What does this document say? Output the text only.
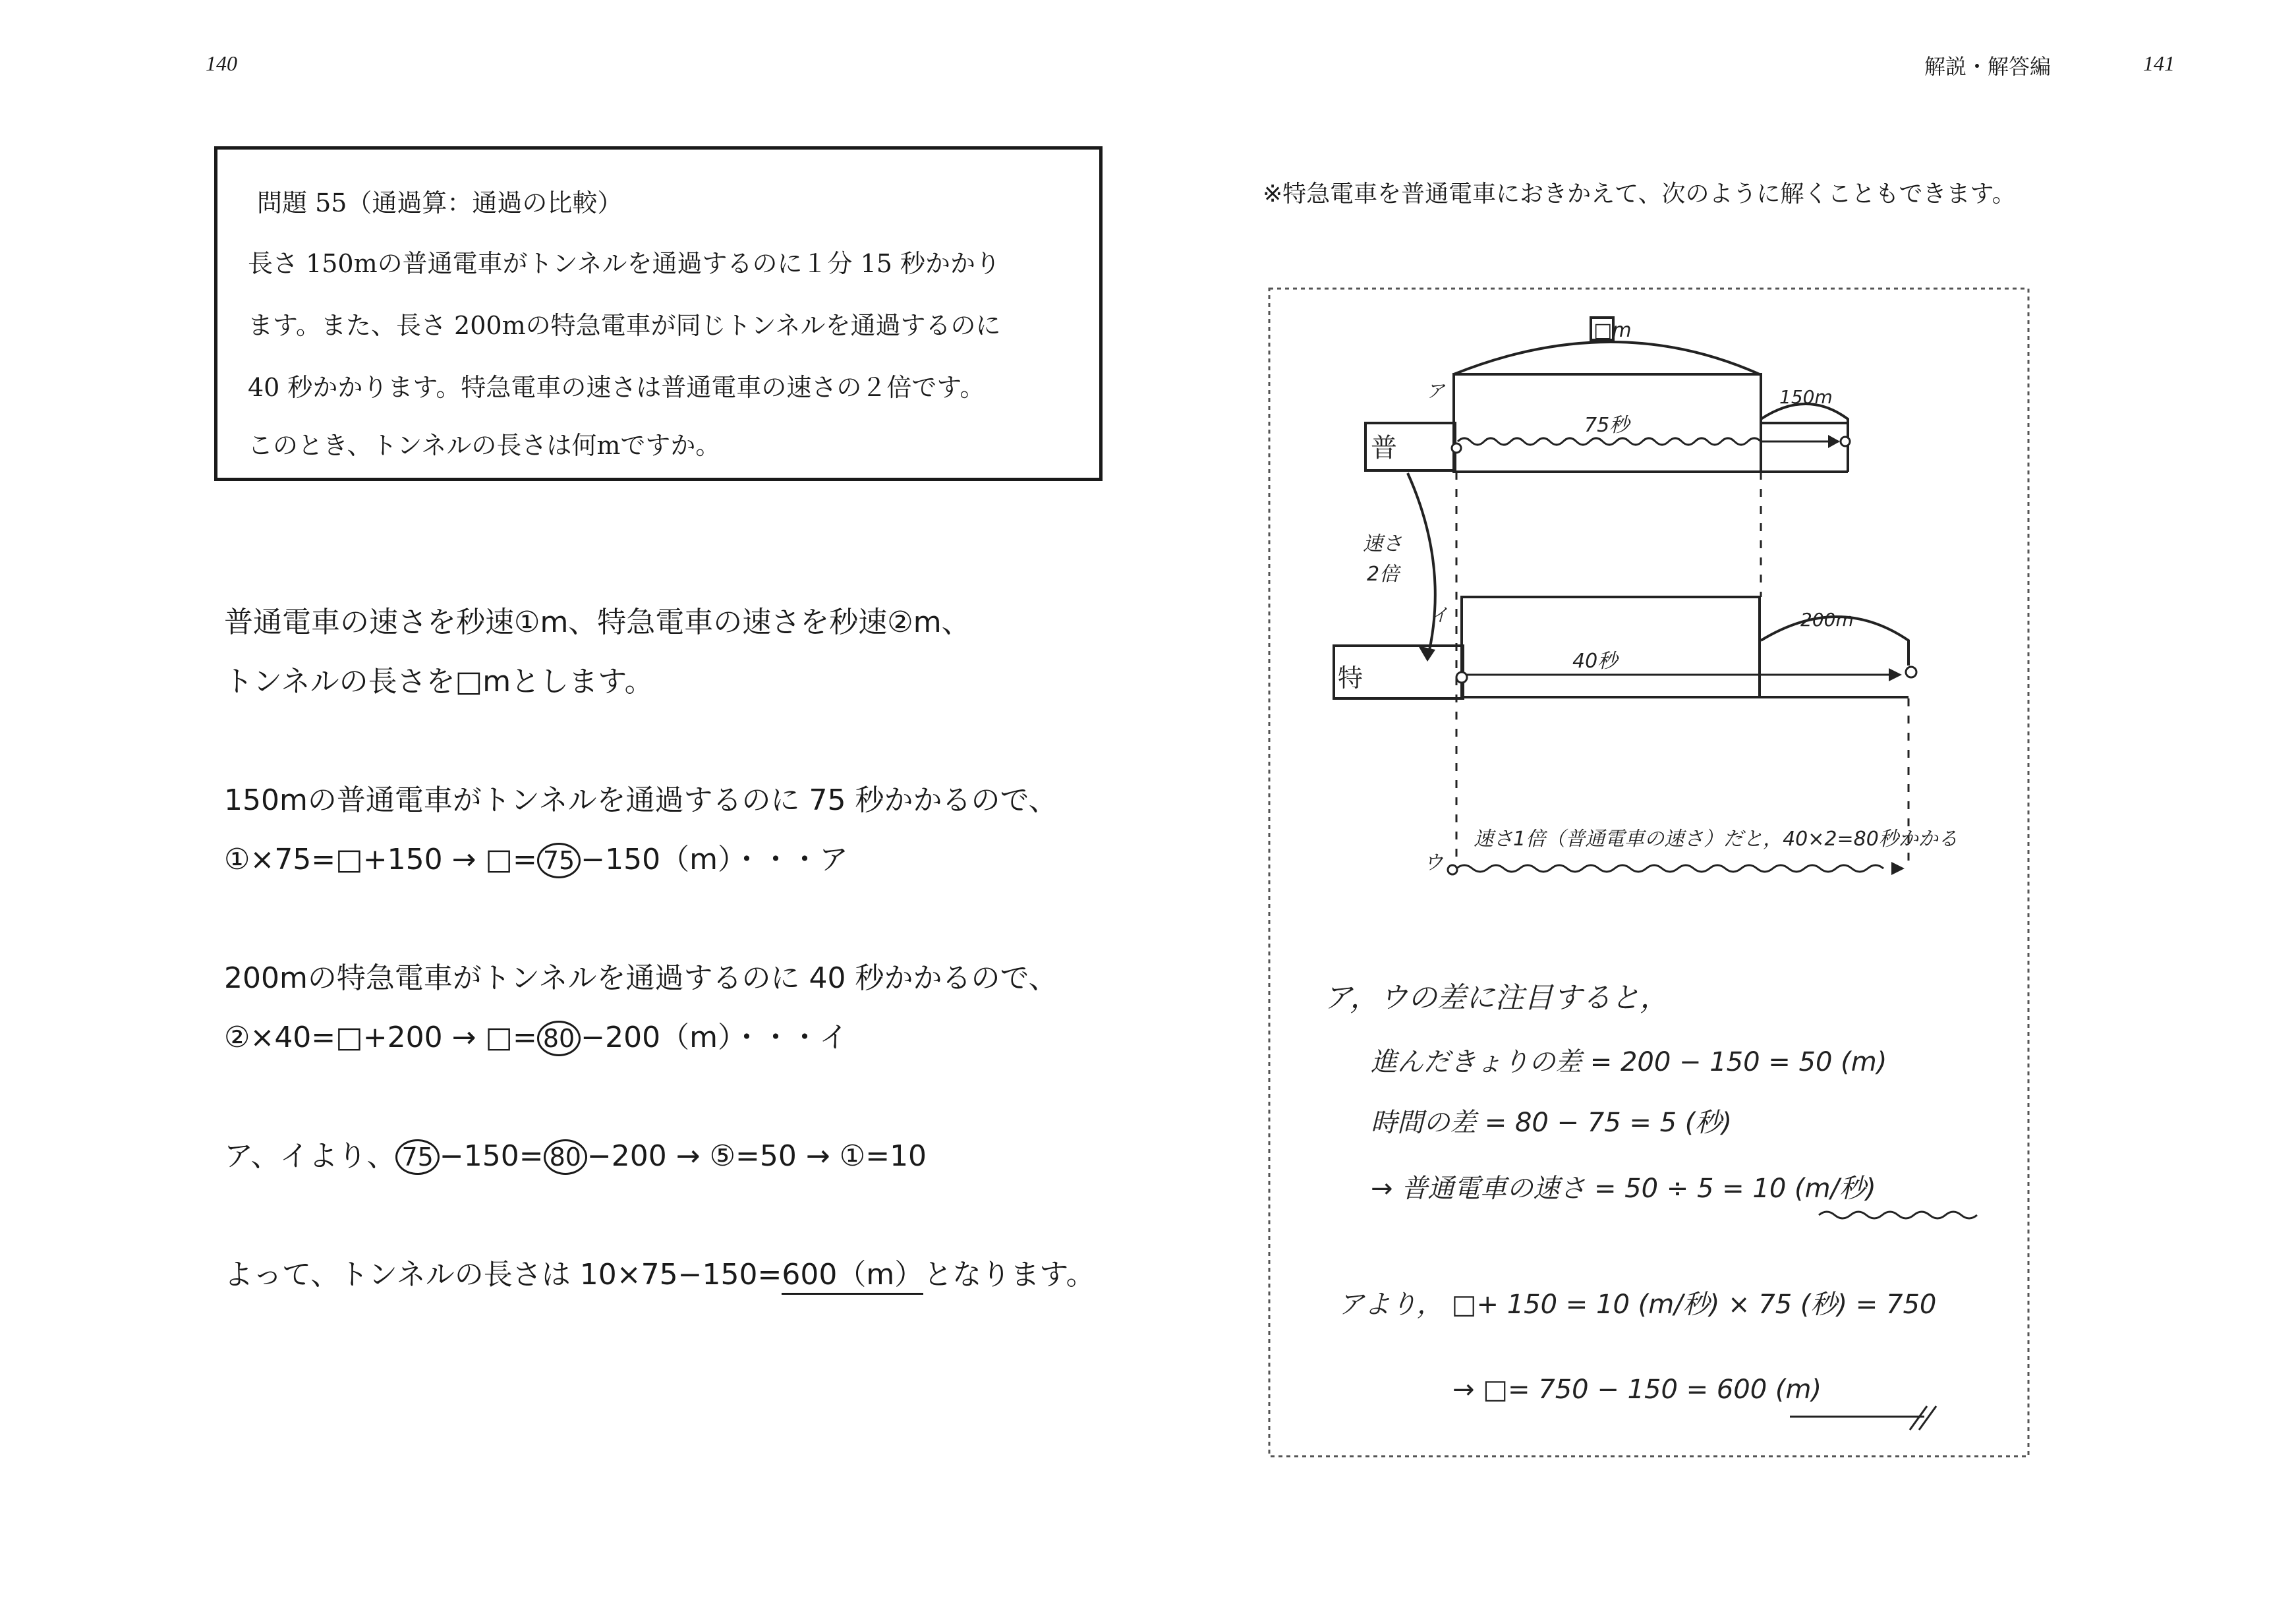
140	解説・解答編	141
問題 55（通過算：通過の比較）
長さ 150mの普通電車がトンネルを通過するのに１分 15 秒かかり
ます。また、長さ 200mの特急電車が同じトンネルを通過するのに
40 秒かかります。特急電車の速さは普通電車の速さの２倍です。
このとき、トンネルの長さは何mですか。
普通電車の速さを秒速①m、特急電車の速さを秒速②m、
トンネルの長さを□mとします。
150mの普通電車がトンネルを通過するのに 75 秒かかるので、
①×75=□+150 → □= 75 −150（m）・・・ア
200mの特急電車がトンネルを通過するのに 40 秒かかるので、
②×40=□+200 → □= 80 −200（m）・・・イ
ア、イより、 75 −150= 80 −200 → ⑤=50 → ①=10
よって、トンネルの長さは 10×75−150=600（m）となります。
※特急電車を普通電車におきかえて、次のように解くこともできます。
□m
ア
普
75秒
150m
速さ
2倍
イ
特
40秒
200m
ウ
速さ1倍（普通電車の速さ）だと，40×2=80秒かかる
ア，ウの差に注目すると，
進んだきょりの差 = 200 − 150 = 50 (m)
時間の差 = 80 − 75 = 5 (秒)
→ 普通電車の速さ = 50 ÷ 5 = 10 (m/秒)
アより， □+ 150 = 10 (m/秒) × 75 (秒) = 750
→ □= 750 − 150 = 600 (m)
